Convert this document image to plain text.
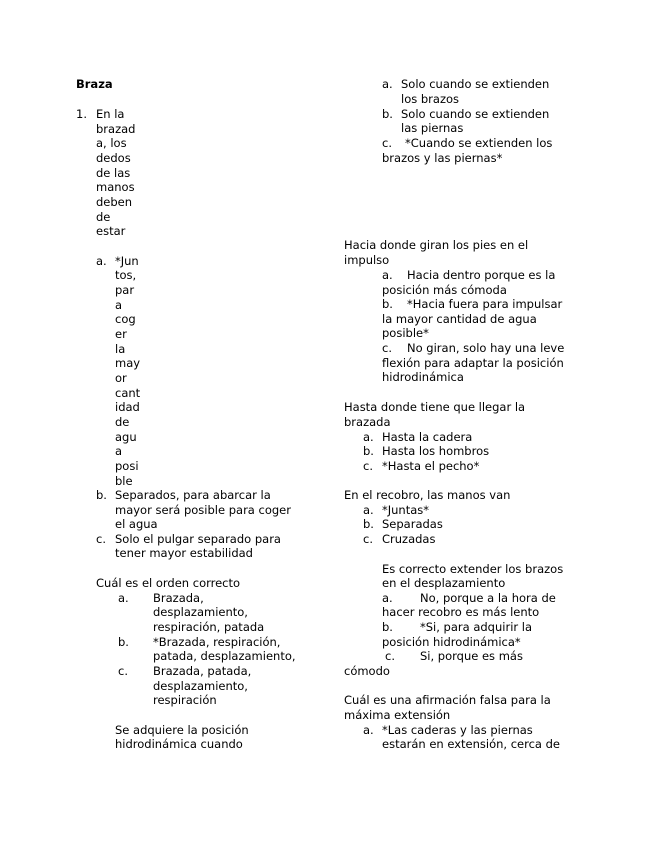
Braza
1. En la
brazad
a, los
dedos
de las
manos
deben
de
estar
a. *Jun
tos,
par
a
cog
er
la
may
or
cant
idad
de
agu
a
posi
ble
b. Separados, para abarcar la
mayor será posible para coger
el agua
c. Solo el pulgar separado para
tener mayor estabilidad
Cuál es el orden correcto
a. Brazada,
desplazamiento,
respiración, patada
b. *Brazada, respiración,
patada, desplazamiento,
c. Brazada, patada,
desplazamiento,
respiración
Se adquiere la posición
hidrodinámica cuando
a. Solo cuando se extienden
los brazos
b. Solo cuando se extienden
las piernas
c. *Cuando se extienden los
brazos y las piernas*
Hacia donde giran los pies en el
impulso
a. Hacia dentro porque es la
posición más cómoda
b. *Hacia fuera para impulsar
la mayor cantidad de agua
posible*
c. No giran, solo hay una leve
flexión para adaptar la posición
hidrodinámica
Hasta donde tiene que llegar la
brazada
a. Hasta la cadera
b. Hasta los hombros
c. *Hasta el pecho*
En el recobro, las manos van
a. *Juntas*
b. Separadas
c. Cruzadas
Es correcto extender los brazos
en el desplazamiento
a. No, porque a la hora de
hacer recobro es más lento
b. *Si, para adquirir la
posición hidrodinámica*
c. Si, porque es más
cómodo
Cuál es una afirmación falsa para la
máxima extensión
a. *Las caderas y las piernas
estarán en extensión, cerca de
